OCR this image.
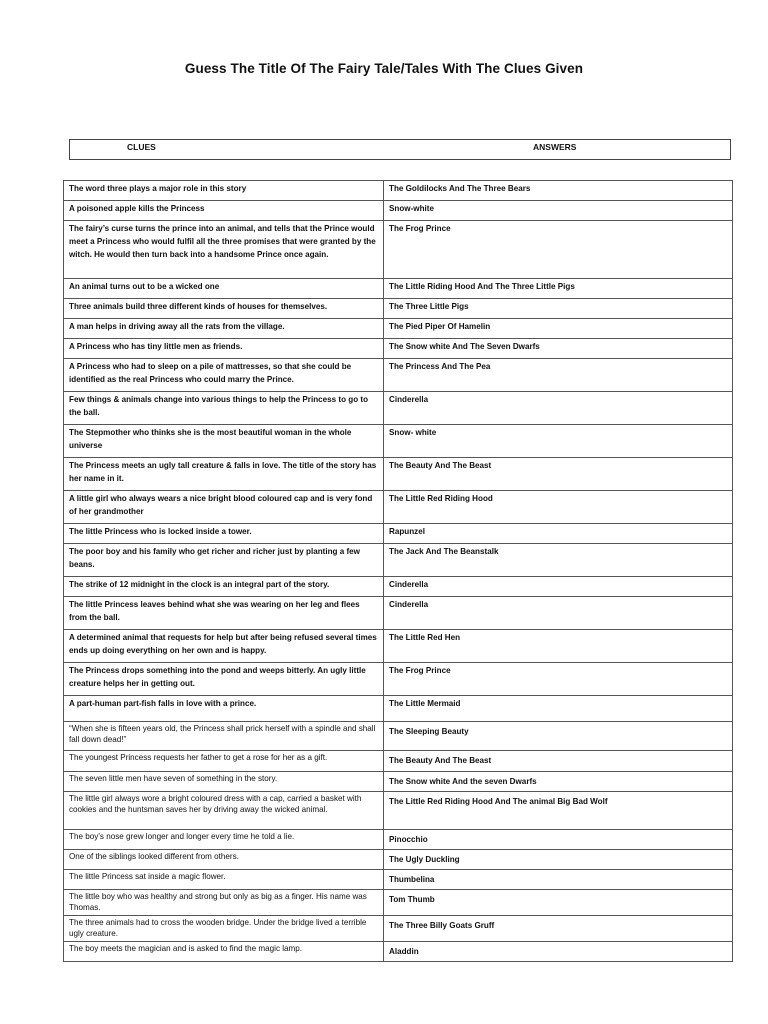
Guess The Title Of The Fairy Tale/Tales With The Clues Given
CLUES	ANSWERS
The word three plays a major role in this story	The Goldilocks And The Three Bears
A poisoned apple kills the Princess	Snow-white
The fairy’s curse turns the prince into an animal, and tells that the Prince would meet a Princess who would fulfil all the three promises that were granted by the witch. He would then turn back into a handsome Prince once again.	The Frog Prince
An animal turns out to be a wicked one	The Little Riding Hood And The Three Little Pigs
Three animals build three different kinds of houses for themselves.	The Three Little Pigs
A man helps in driving away all the rats from the village.	The Pied Piper Of Hamelin
A Princess who has tiny little men as friends.	The Snow white And The Seven Dwarfs
A Princess who had to sleep on a pile of mattresses, so that she could be identified as the real Princess who could marry the Prince.	The Princess And The Pea
Few things & animals change into various things to help the Princess to go to the ball.	Cinderella
The Stepmother who thinks she is the most beautiful woman in the whole universe	Snow- white
The Princess meets an ugly tall creature & falls in love. The title of the story has her name in it.	The Beauty And The Beast
A little girl who always wears a nice bright blood coloured cap and is very fond of her grandmother	The Little Red Riding Hood
The little Princess who is locked inside a tower.	Rapunzel
The poor boy and his family who get richer and richer just by planting a few beans.	The Jack And The Beanstalk
The strike of 12 midnight in the clock is an integral part of the story.	Cinderella
The little Princess leaves behind what she was wearing on her leg and flees from the ball.	Cinderella
A determined animal that requests for help but after being refused several times ends up doing everything on her own and is happy.	The Little Red Hen
The Princess drops something into the pond and weeps bitterly. An ugly little creature helps her in getting out.	The Frog Prince
A part-human part-fish falls in love with a prince.	The Little Mermaid
“When she is fifteen years old, the Princess shall prick herself with a spindle and shall fall down dead!”	The Sleeping Beauty
The youngest Princess requests her father to get a rose for her as a gift.	The Beauty And The Beast
The seven little men have seven of something in the story.	The Snow white And the seven Dwarfs
The little girl always wore a bright coloured dress with a cap, carried a basket with cookies and the huntsman saves her by driving away the wicked animal.	The Little Red Riding Hood And The animal Big Bad Wolf
The boy’s nose grew longer and longer every time he told a lie.	Pinocchio
One of the siblings looked different from others.	The Ugly Duckling
The little Princess sat inside a magic flower.	Thumbelina
The little boy who was healthy and strong but only as big as a finger. His name was Thomas.	Tom Thumb
The three animals had to cross the wooden bridge. Under the bridge lived a terrible ugly creature.	The Three Billy Goats Gruff
The boy meets the magician and is asked to find the magic lamp.	Aladdin
